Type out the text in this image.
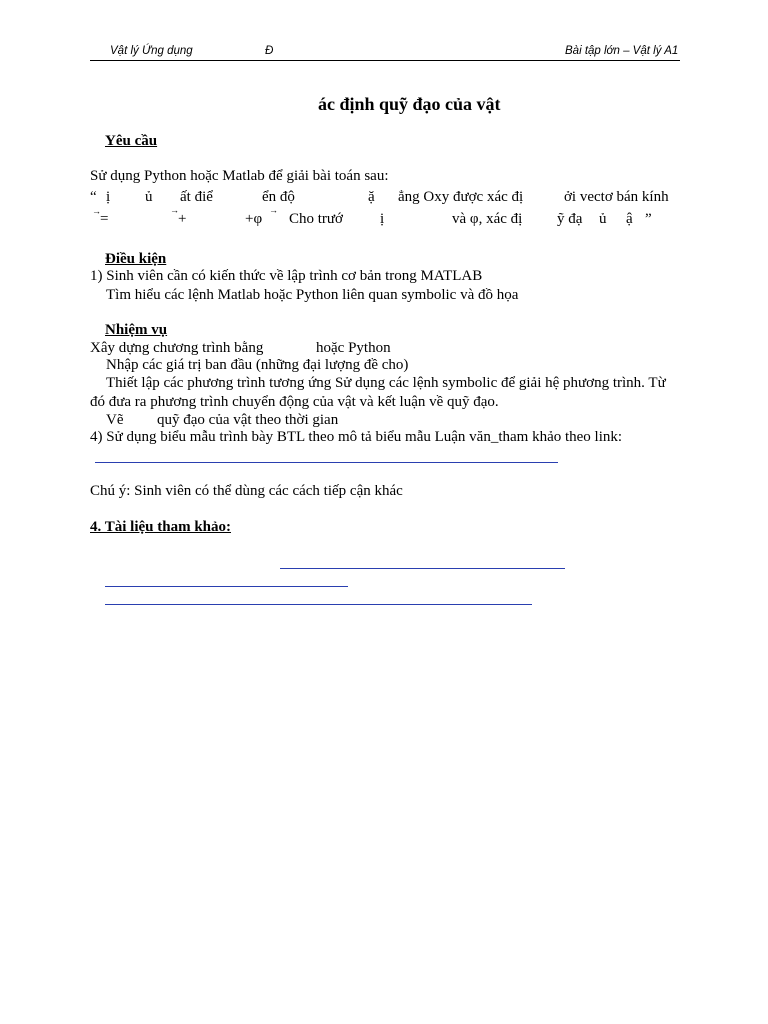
Vật lý Ứng dụng	Đ	Bài tập lớn – Vật lý A1
ác định quỹ đạo của vật
Yêu cầu
Sử dụng Python hoặc Matlab để giải bài toán sau:
“ ị ủ ất điể	ển độ	ặ ẳng Oxy được xác đị	ởi vectơ bán kính
→ =
→
+	+φ
→
Cho trướ ị	và φ, xác đị ỹ đạ ủ ậ ”
Điều kiện
1) Sinh viên cần có kiến thức về lập trình cơ bản trong MATLAB
Tìm hiểu các lệnh Matlab hoặc Python liên quan symbolic và đồ họa
Nhiệm vụ
Xây dựng chương trình bằng	hoặc Python
Nhập các giá trị ban đầu (những đại lượng đề cho)
Thiết lập các phương trình tương ứng Sử dụng các lệnh symbolic để giải hệ phương trình. Từ
đó đưa ra phương trình chuyển động của vật và kết luận về quỹ đạo.
Vẽ quỹ đạo của vật theo thời gian
4) Sử dụng biểu mẫu trình bày BTL theo mô tả biểu mẫu Luận văn_tham khảo theo link:
Chú ý: Sinh viên có thể dùng các cách tiếp cận khác
4. Tài liệu tham khảo:
